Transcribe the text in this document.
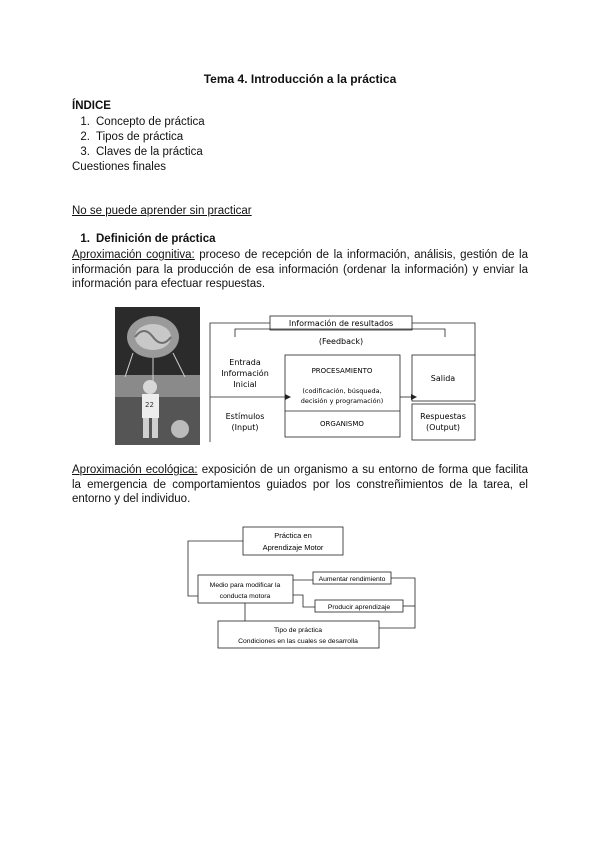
Tema 4. Introducción a la práctica
ÍNDICE
1. Concepto de práctica
2. Tipos de práctica
3. Claves de la práctica
Cuestiones finales
No se puede aprender sin practicar
1. Definición de práctica
Aproximación cognitiva: proceso de recepción de la información, análisis, gestión de la información para la producción de esa información (ordenar la información) y enviar la información para efectuar respuestas.
22
Información de resultados
(Feedback)
Entrada
Información
Inicial
Estímulos
(Input)
PROCESAMIENTO
(codificación, búsqueda,
decisión y programación)
ORGANISMO
Salida
Respuestas
(Output)
Aproximación ecológica: exposición de un organismo a su entorno de forma que facilita la emergencia de comportamientos guiados por los constreñimientos de la tarea, el entorno y del individuo.
Práctica en
Aprendizaje Motor
Medio para modificar la
conducta motora
Aumentar rendimiento
Producir aprendizaje
Tipo de práctica
Condiciones en las cuales se desarrolla
